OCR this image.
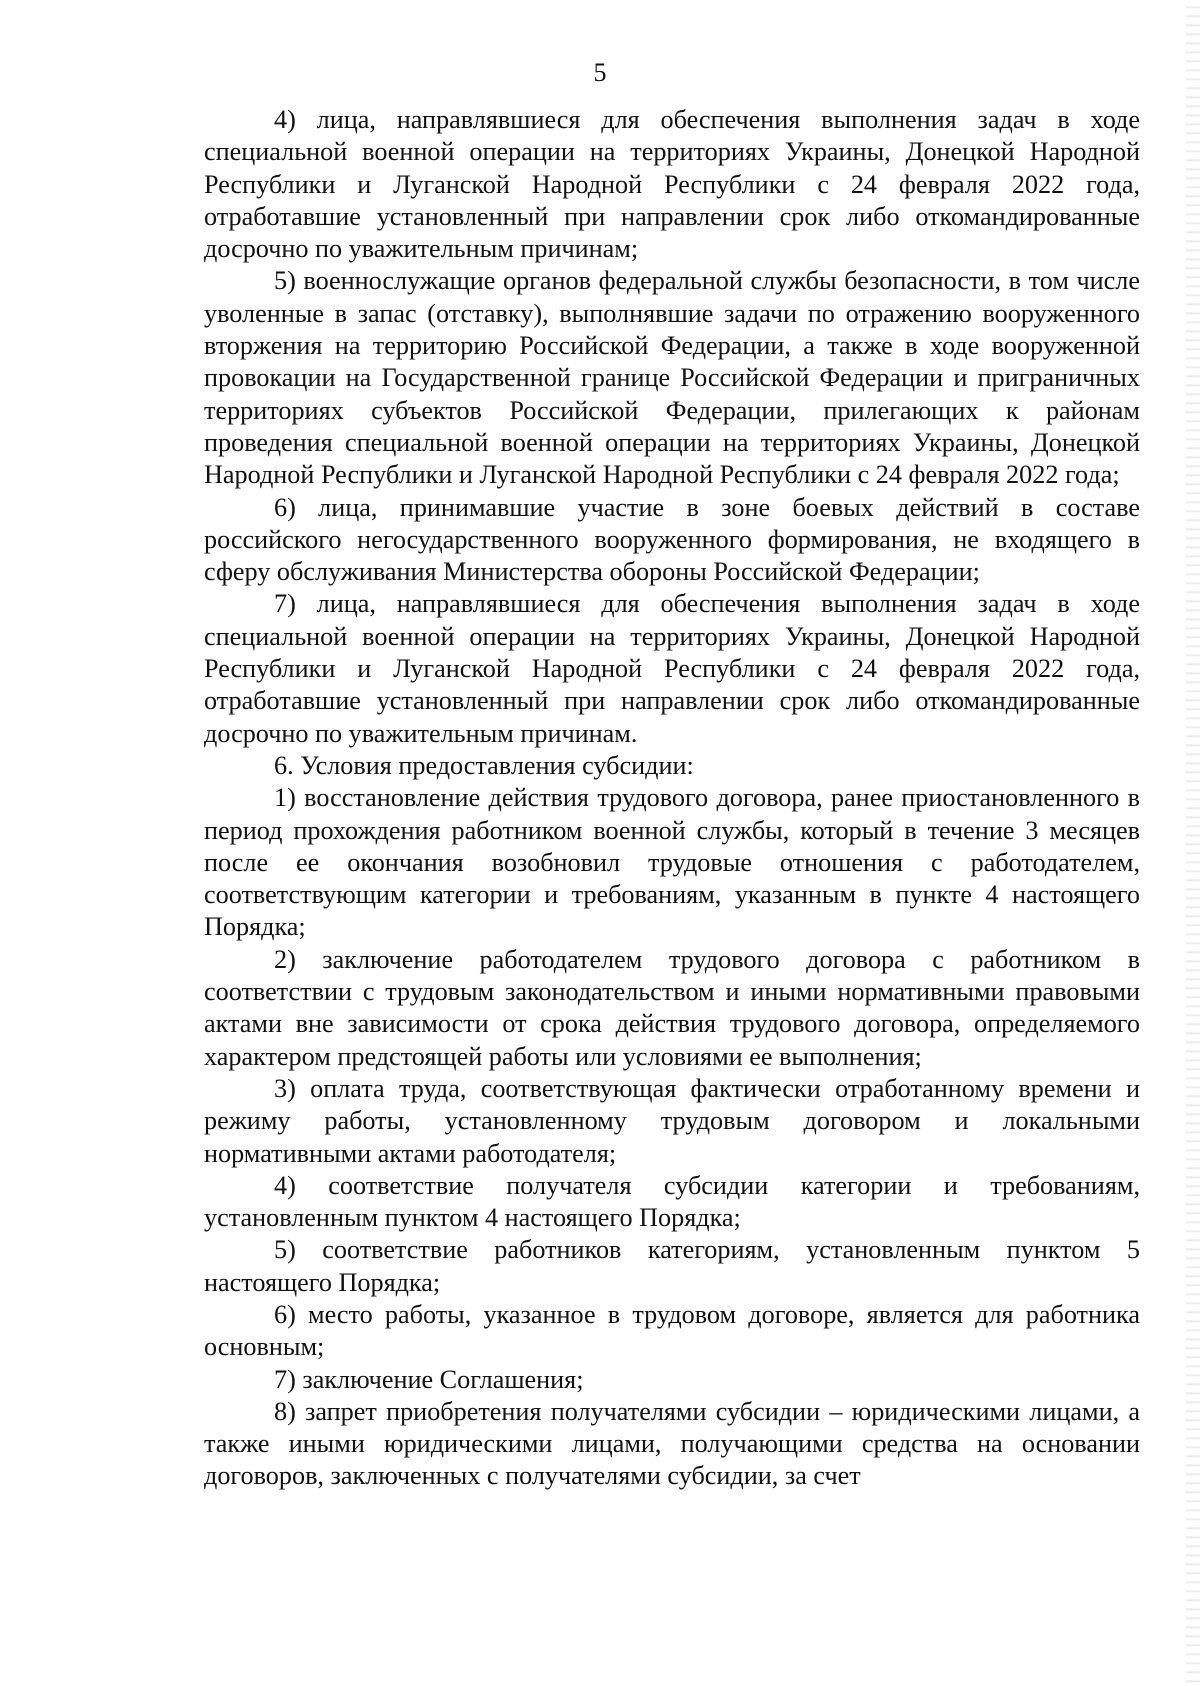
5

4) лица, направлявшиеся для обеспечения выполнения задач в ходе специальной военной операции на территориях Украины, Донецкой Народной Республики и Луганской Народной Республики с 24 февраля 2022 года, отработавшие установленный при направлении срок либо откомандированные досрочно по уважительным причинам;

5) военнослужащие органов федеральной службы безопасности, в том числе уволенные в запас (отставку), выполнявшие задачи по отражению вооруженного вторжения на территорию Российской Федерации, а также в ходе вооруженной провокации на Государственной границе Российской Федерации и приграничных территориях субъектов Российской Федерации, прилегающих к районам проведения специальной военной операции на территориях Украины, Донецкой Народной Республики и Луганской Народной Республики с 24 февраля 2022 года;

6) лица, принимавшие участие в зоне боевых действий в составе российского негосударственного вооруженного формирования, не входящего в сферу обслуживания Министерства обороны Российской Федерации;

7) лица, направлявшиеся для обеспечения выполнения задач в ходе специальной военной операции на территориях Украины, Донецкой Народной Республики и Луганской Народной Республики с 24 февраля 2022 года, отработавшие установленный при направлении срок либо откомандированные досрочно по уважительным причинам.

6. Условия предоставления субсидии:

1) восстановление действия трудового договора, ранее приостановленного в период прохождения работником военной службы, который в течение 3 месяцев после ее окончания возобновил трудовые отношения с работодателем, соответствующим категории и требованиям, указанным в пункте 4 настоящего Порядка;

2) заключение работодателем трудового договора с работником в соответствии с трудовым законодательством и иными нормативными правовыми актами вне зависимости от срока действия трудового договора, определяемого характером предстоящей работы или условиями ее выполнения;

3) оплата труда, соответствующая фактически отработанному времени и режиму работы, установленному трудовым договором и локальными нормативными актами работодателя;

4) соответствие получателя субсидии категории и требованиям, установленным пунктом 4 настоящего Порядка;

5) соответствие работников категориям, установленным пунктом 5 настоящего Порядка;

6) место работы, указанное в трудовом договоре, является для работника основным;

7) заключение Соглашения;

8) запрет приобретения получателями субсидии – юридическими лицами, а также иными юридическими лицами, получающими средства на основании договоров, заключенных с получателями субсидии, за счет
